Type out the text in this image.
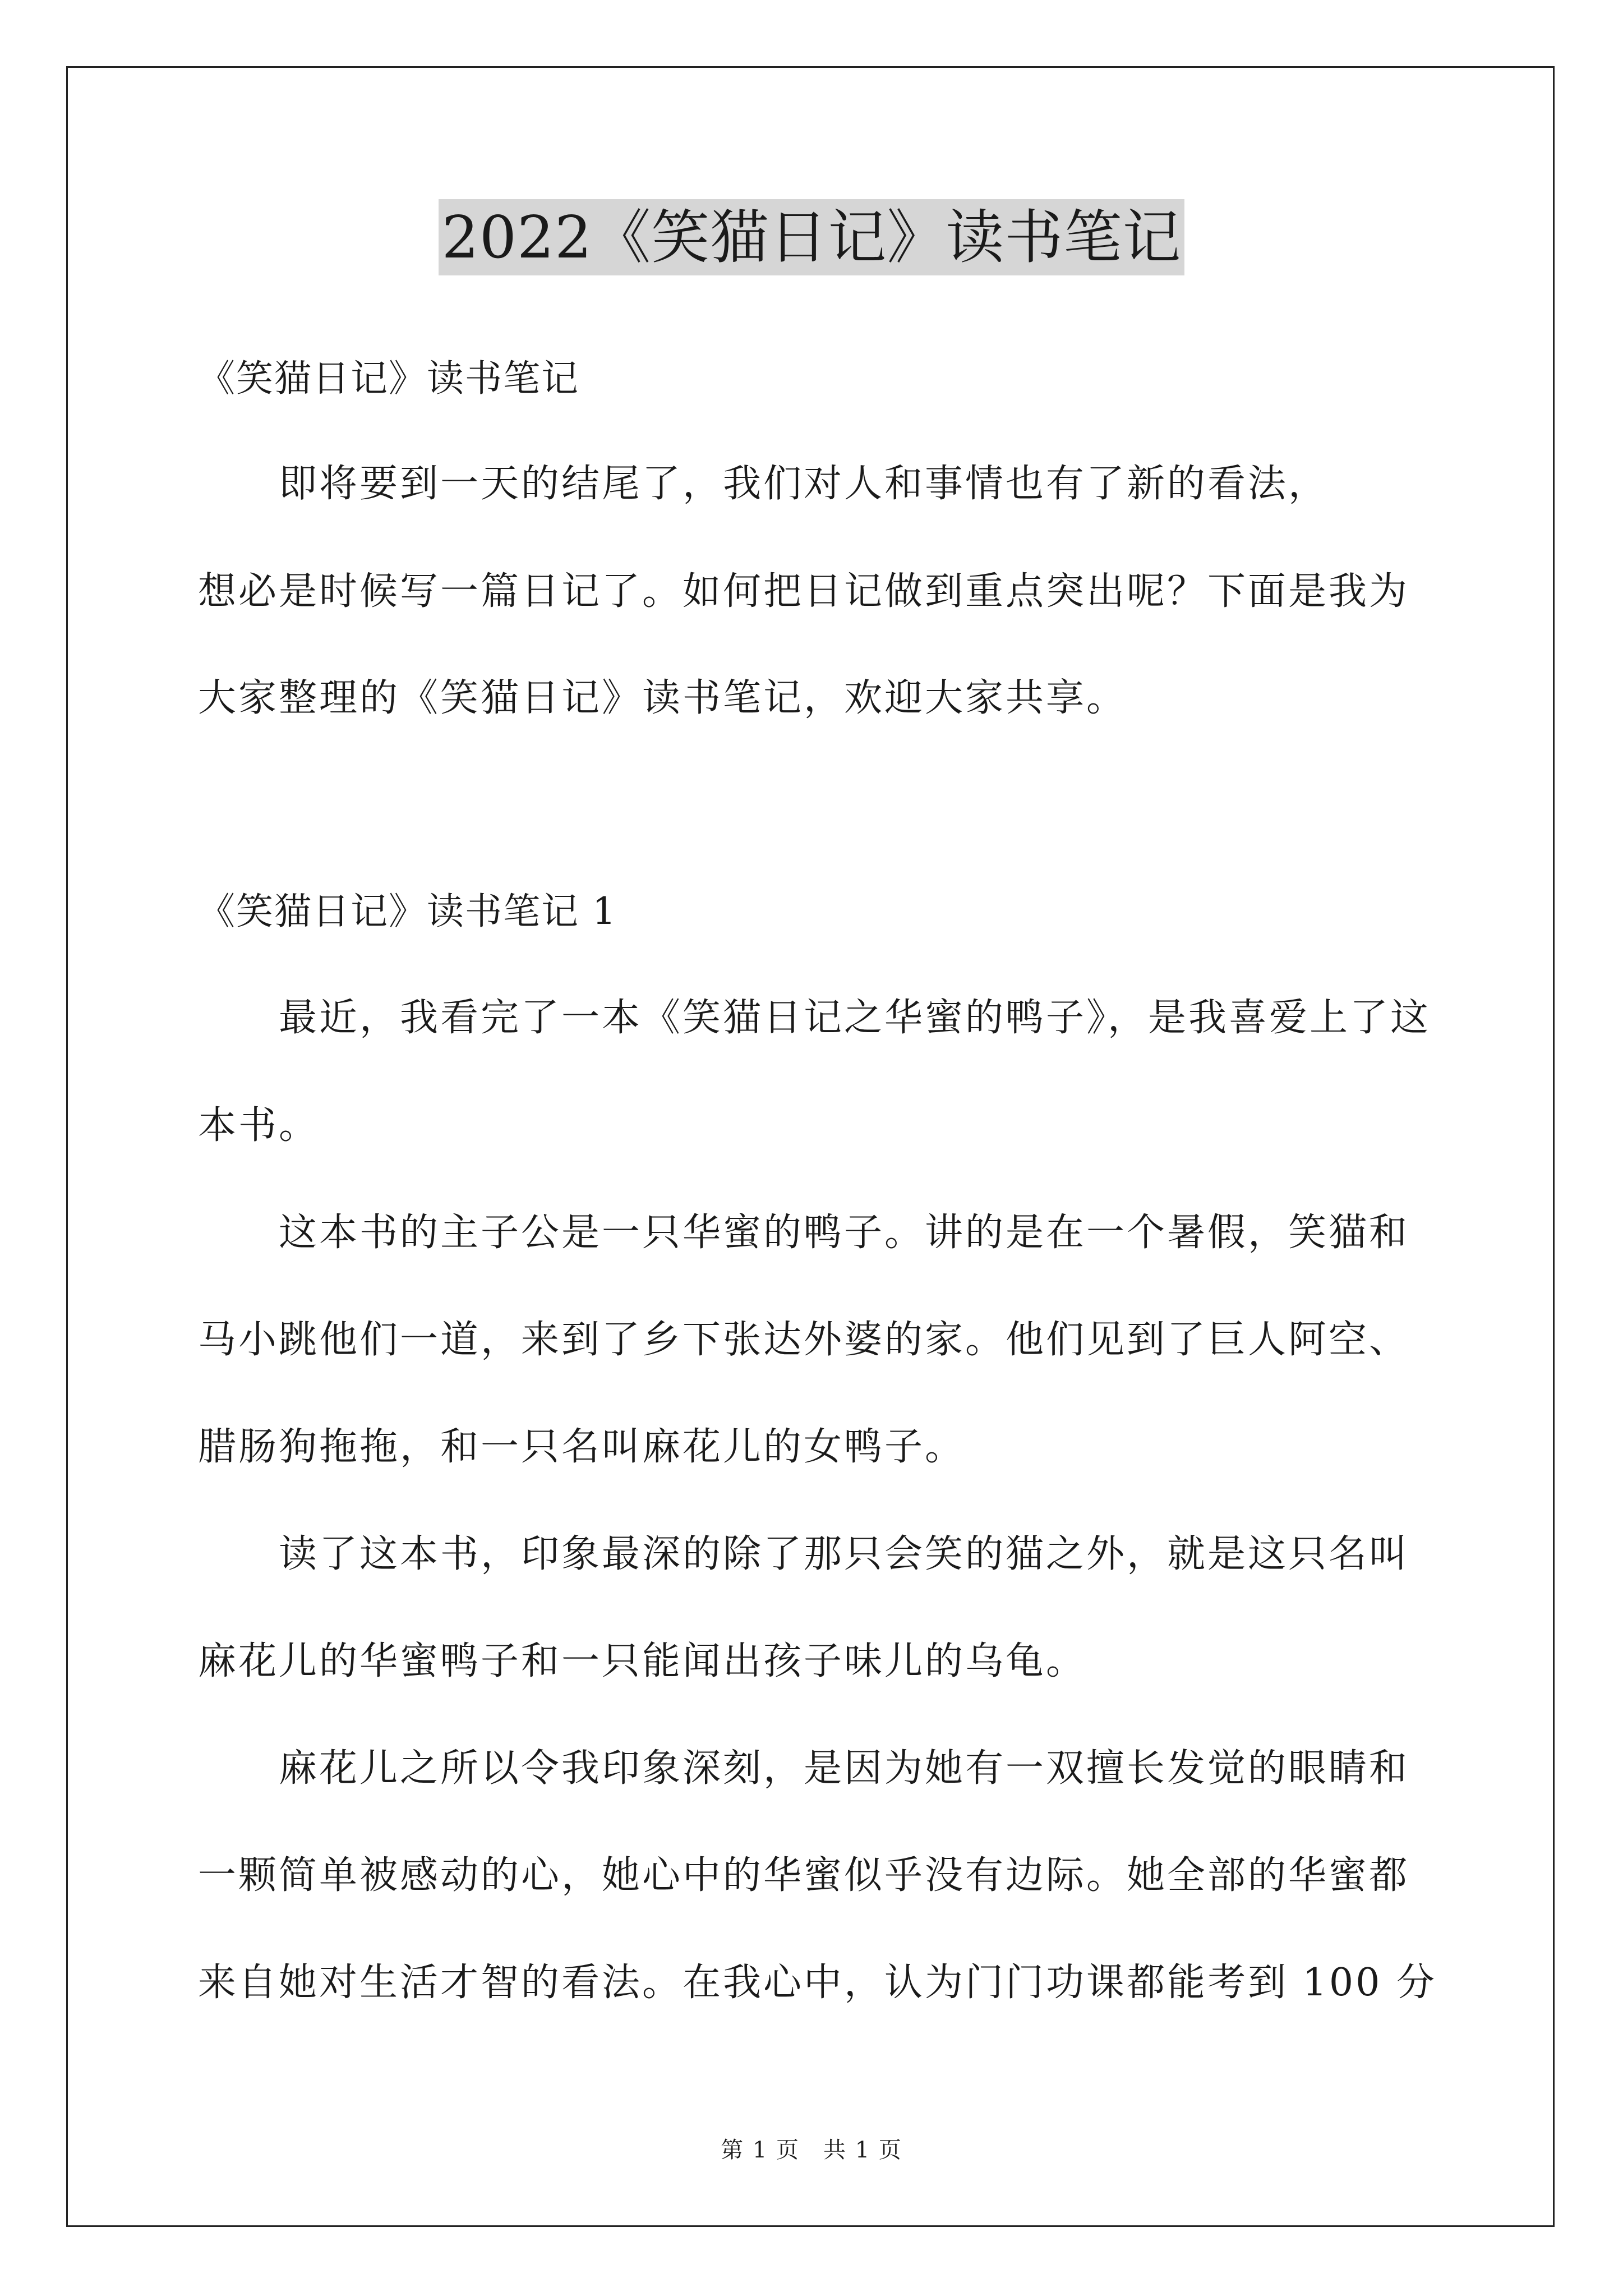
2022《笑猫日记》读书笔记
《笑猫日记》读书笔记
　　即将要到一天的结尾了，我们对人和事情也有了新的看法，
想必是时候写一篇日记了。如何把日记做到重点突出呢？下面是我为
大家整理的《笑猫日记》读书笔记，欢迎大家共享。
《笑猫日记》读书笔记 1
　　最近，我看完了一本《笑猫日记之华蜜的鸭子》，是我喜爱上了这
本书。
　　这本书的主子公是一只华蜜的鸭子。讲的是在一个暑假，笑猫和
马小跳他们一道，来到了乡下张达外婆的家。他们见到了巨人阿空、
腊肠狗拖拖，和一只名叫麻花儿的女鸭子。
　　读了这本书，印象最深的除了那只会笑的猫之外，就是这只名叫
麻花儿的华蜜鸭子和一只能闻出孩子味儿的乌龟。
　　麻花儿之所以令我印象深刻，是因为她有一双擅长发觉的眼睛和
一颗简单被感动的心，她心中的华蜜似乎没有边际。她全部的华蜜都
来自她对生活才智的看法。在我心中，认为门门功课都能考到 100 分
第 1 页　共 1 页
